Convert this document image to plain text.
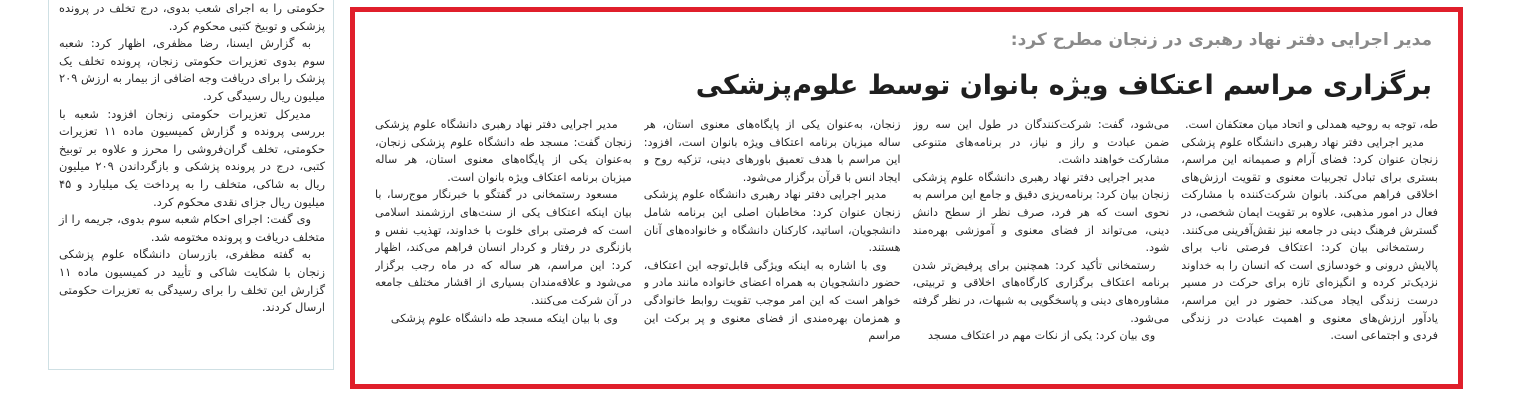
حکومتی را به اجرای شعب بدوی، درج تخلف در پرونده پزشکی و توبیخ کتبی محکوم کرد.

به گزارش ایسنا، رضا مظفری، اظهار کرد: شعبه سوم بدوی تعزیرات حکومتی زنجان، پرونده تخلف یک پزشک را برای دریافت وجه اضافی از بیمار به ارزش ۲۰۹ میلیون ریال رسیدگی کرد.

مدیرکل تعزیرات حکومتی زنجان افزود: شعبه با بررسی پرونده و گزارش کمیسیون ماده ۱۱ تعزیرات حکومتی، تخلف گران‌فروشی را محرز و علاوه بر توبیخ کتبی، درج در پرونده پزشکی و بازگرداندن ۲۰۹ میلیون ریال به شاکی، متخلف را به پرداخت یک میلیارد و ۴۵ میلیون ریال جزای نقدی محکوم کرد.

وی گفت: اجرای احکام شعبه سوم بدوی، جریمه را از متخلف دریافت و پرونده مختومه شد.

به گفته مظفری، بازرسان دانشگاه علوم پزشکی زنجان با شکایت شاکی و تأیید در کمیسیون ماده ۱۱ گزارش این تخلف را برای رسیدگی به تعزیرات حکومتی ارسال کردند.

مدیر اجرایی دفتر نهاد رهبری در زنجان مطرح کرد:
برگزاری مراسم اعتکاف ویژه بانوان توسط علوم‌پزشکی

مدیر اجرایی دفتر نهاد رهبری دانشگاه علوم پزشکی زنجان گفت: مسجد طه دانشگاه علوم پزشکی زنجان، به‌عنوان یکی از پایگاه‌های معنوی استان، هر ساله میزبان برنامه اعتکاف ویژه بانوان است.

مسعود رستمخانی در گفتگو با خبرنگار موج‌رسا، با بیان اینکه اعتکاف یکی از سنت‌های ارزشمند اسلامی است که فرصتی برای خلوت با خداوند، تهذیب نفس و بازنگری در رفتار و کردار انسان فراهم می‌کند، اظهار کرد: این مراسم، هر ساله که در ماه رجب برگزار می‌شود و علاقه‌مندان بسیاری از اقشار مختلف جامعه در آن شرکت می‌کنند.

وی با بیان اینکه مسجد طه دانشگاه علوم پزشکی

زنجان، به‌عنوان یکی از پایگاه‌های معنوی استان، هر ساله میزبان برنامه اعتکاف ویژه بانوان است، افزود: این مراسم با هدف تعمیق باورهای دینی، تزکیه روح و ایجاد انس با قرآن برگزار می‌شود.

مدیر اجرایی دفتر نهاد رهبری دانشگاه علوم پزشکی زنجان عنوان کرد: مخاطبان اصلی این برنامه شامل دانشجویان، اساتید، کارکنان دانشگاه و خانواده‌های آنان هستند.

وی با اشاره به اینکه ویژگی قابل‌توجه این اعتکاف، حضور دانشجویان به همراه اعضای خانواده مانند مادر و خواهر است که این امر موجب تقویت روابط خانوادگی و همزمان بهره‌مندی از فضای معنوی و پر برکت این مراسم

می‌شود، گفت: شرکت‌کنندگان در طول این سه روز ضمن عبادت و راز و نیاز، در برنامه‌های متنوعی مشارکت خواهند داشت.

مدیر اجرایی دفتر نهاد رهبری دانشگاه علوم پزشکی زنجان بیان کرد: برنامه‌ریزی دقیق و جامع این مراسم به نحوی است که هر فرد، صرف نظر از سطح دانش دینی، می‌تواند از فضای معنوی و آموزشی بهره‌مند شود.

رستمخانی تأکید کرد: همچنین برای پرفیض‌تر شدن برنامه اعتکاف برگزاری کارگاه‌های اخلاقی و تربیتی، مشاوره‌های دینی و پاسخگویی به شبهات، در نظر گرفته می‌شود.

وی بیان کرد: یکی از نکات مهم در اعتکاف مسجد

طه، توجه به روحیه همدلی و اتحاد میان معتکفان است.

مدیر اجرایی دفتر نهاد رهبری دانشگاه علوم پزشکی زنجان عنوان کرد: فضای آرام و صمیمانه این مراسم، بستری برای تبادل تجربیات معنوی و تقویت ارزش‌های اخلاقی فراهم می‌کند. بانوان شرکت‌کننده با مشارکت فعال در امور مذهبی، علاوه بر تقویت ایمان شخصی، در گسترش فرهنگ دینی در جامعه نیز نقش‌آفرینی می‌کنند.

رستمخانی بیان کرد: اعتکاف فرصتی ناب برای پالایش درونی و خودسازی است که انسان را به خداوند نزدیک‌تر کرده و انگیزه‌ای تازه برای حرکت در مسیر درست زندگی ایجاد می‌کند. حضور در این مراسم، یادآور ارزش‌های معنوی و اهمیت عبادت در زندگی فردی و اجتماعی است.
